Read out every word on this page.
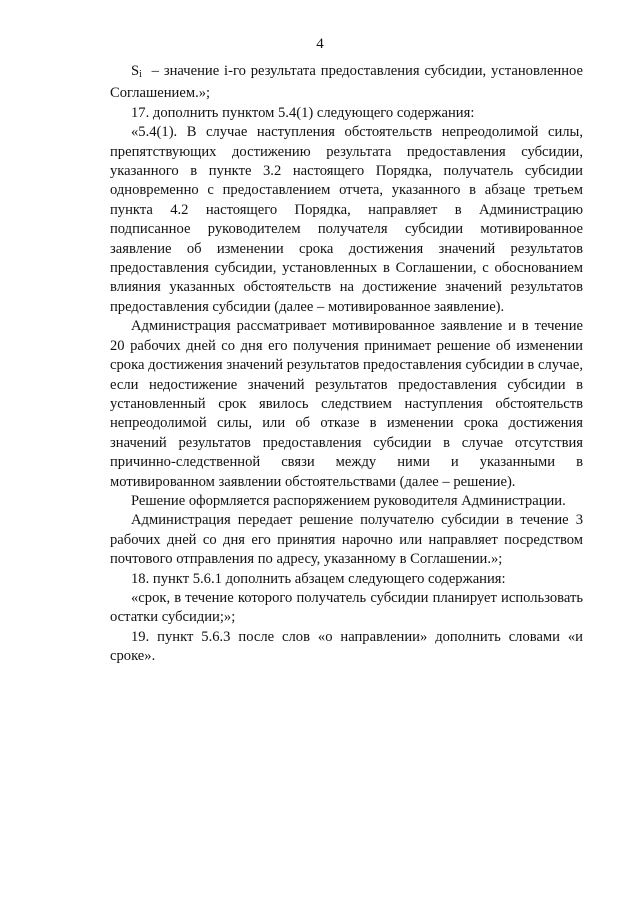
4

$S_i$ – значение i-го результата предоставления субсидии, установленное Соглашением.»;

17. дополнить пунктом 5.4(1) следующего содержания:

«5.4(1). В случае наступления обстоятельств непреодолимой силы, препятствующих достижению результата предоставления субсидии, указанного в пункте 3.2 настоящего Порядка, получатель субсидии одновременно с предоставлением отчета, указанного в абзаце третьем пункта 4.2 настоящего Порядка, направляет в Администрацию подписанное руководителем получателя субсидии мотивированное заявление об изменении срока достижения значений результатов предоставления субсидии, установленных в Соглашении, с обоснованием влияния указанных обстоятельств на достижение значений результатов предоставления субсидии (далее – мотивированное заявление).

Администрация рассматривает мотивированное заявление и в течение 20 рабочих дней со дня его получения принимает решение об изменении срока достижения значений результатов предоставления субсидии в случае, если недостижение значений результатов предоставления субсидии в установленный срок явилось следствием наступления обстоятельств непреодолимой силы, или об отказе в изменении срока достижения значений результатов предоставления субсидии в случае отсутствия причинно-следственной связи между ними и указанными в мотивированном заявлении обстоятельствами (далее – решение).

Решение оформляется распоряжением руководителя Администрации.

Администрация передает решение получателю субсидии в течение 3 рабочих дней со дня его принятия нарочно или направляет посредством почтового отправления по адресу, указанному в Соглашении.»;

18. пункт 5.6.1 дополнить абзацем следующего содержания:

«срок, в течение которого получатель субсидии планирует использовать остатки субсидии;»;

19. пункт 5.6.3 после слов «о направлении» дополнить словами «и сроке».
